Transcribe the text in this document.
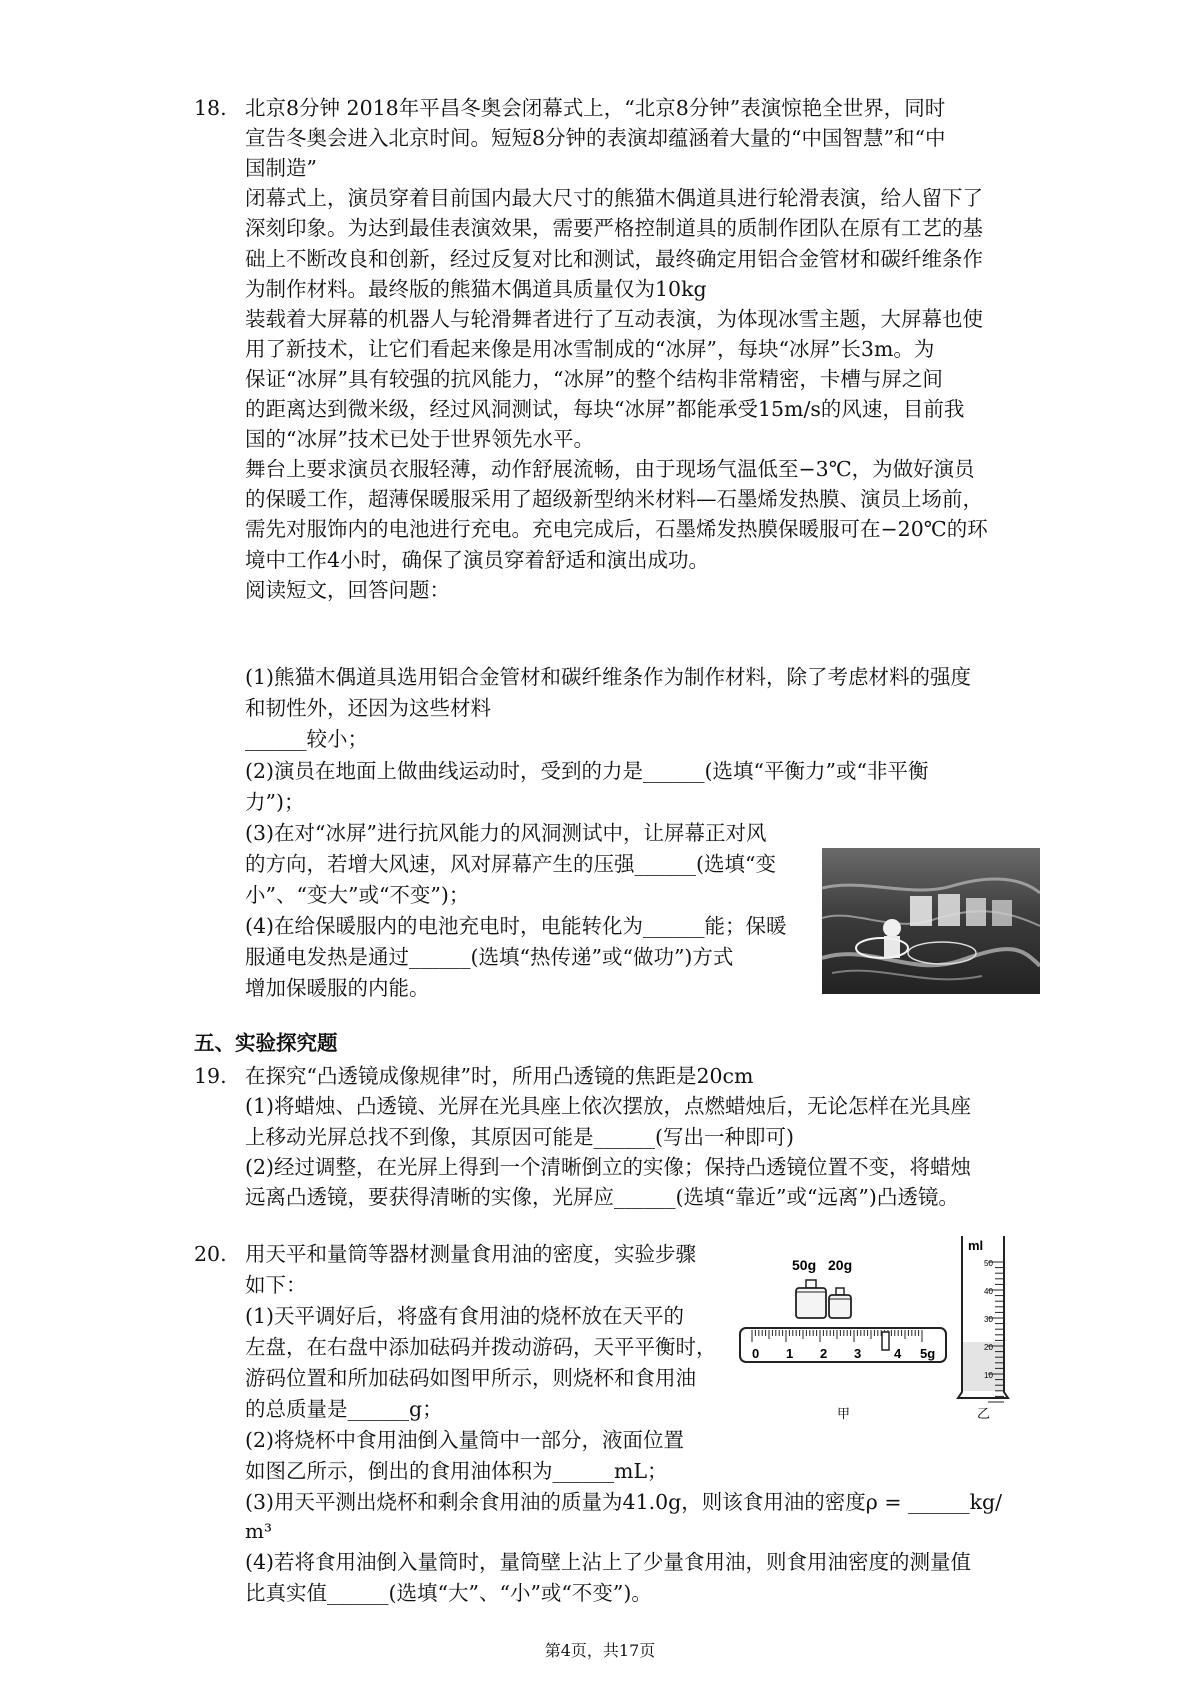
18. 北京8分钟 2018年平昌冬奥会闭幕式上，“北京8分钟”表演惊艳全世界，同时
宣告冬奥会进入北京时间。短短8分钟的表演却蕴涵着大量的“中国智慧”和“中
国制造”
闭幕式上，演员穿着目前国内最大尺寸的熊猫木偶道具进行轮滑表演，给人留下了
深刻印象。为达到最佳表演效果，需要严格控制道具的质制作团队在原有工艺的基
础上不断改良和创新，经过反复对比和测试，最终确定用铝合金管材和碳纤维条作
为制作材料。最终版的熊猫木偶道具质量仅为10kg
装载着大屏幕的机器人与轮滑舞者进行了互动表演，为体现冰雪主题，大屏幕也使
用了新技术，让它们看起来像是用冰雪制成的“冰屏”，每块“冰屏”长3m。为
保证“冰屏”具有较强的抗风能力，“冰屏”的整个结构非常精密，卡槽与屏之间
的距离达到微米级，经过风洞测试，每块“冰屏”都能承受15m/s的风速，目前我
国的“冰屏”技术已处于世界领先水平。
舞台上要求演员衣服轻薄，动作舒展流畅，由于现场气温低至−3℃，为做好演员
的保暖工作，超薄保暖服采用了超级新型纳米材料—石墨烯发热膜、演员上场前，
需先对服饰内的电池进行充电。充电完成后，石墨烯发热膜保暖服可在−20℃的环
境中工作4小时，确保了演员穿着舒适和演出成功。
阅读短文，回答问题：
(1)熊猫木偶道具选用铝合金管材和碳纤维条作为制作材料，除了考虑材料的强度
和韧性外，还因为这些材料
______较小；
(2)演员在地面上做曲线运动时，受到的力是______(选填“平衡力”或“非平衡
力”)；
(3)在对“冰屏”进行抗风能力的风洞测试中，让屏幕正对风
的方向，若增大风速，风对屏幕产生的压强______(选填“变
小”、“变大”或“不变”)；
(4)在给保暖服内的电池充电时，电能转化为______能；保暖
服通电发热是通过______(选填“热传递”或“做功”)方式
增加保暖服的内能。
五、实验探究题
19. 在探究“凸透镜成像规律”时，所用凸透镜的焦距是20cm
(1)将蜡烛、凸透镜、光屏在光具座上依次摆放，点燃蜡烛后，无论怎样在光具座
上移动光屏总找不到像，其原因可能是______(写出一种即可)
(2)经过调整，在光屏上得到一个清晰倒立的实像；保持凸透镜位置不变，将蜡烛
远离凸透镜，要获得清晰的实像，光屏应______(选填“靠近”或“远离”)凸透镜。
20. 用天平和量筒等器材测量食用油的密度，实验步骤
如下：
(1)天平调好后，将盛有食用油的烧杯放在天平的
左盘，在右盘中添加砝码并拨动游码，天平平衡时，
游码位置和所加砝码如图甲所示，则烧杯和食用油
的总质量是______g；
(2)将烧杯中食用油倒入量筒中一部分，液面位置
如图乙所示，倒出的食用油体积为______mL；
(3)用天平测出烧杯和剩余食用油的质量为41.0g，则该食用油的密度ρ = ______kg/
m³
(4)若将食用油倒入量筒时，量筒壁上沾上了少量食用油，则食用油密度的测量值
比真实值______(选填“大”、“小”或“不变”)。
50g 20g
0 1 2 3	4 5g
甲	乙
ml
50
40
30
20
10
第4页，共17页
